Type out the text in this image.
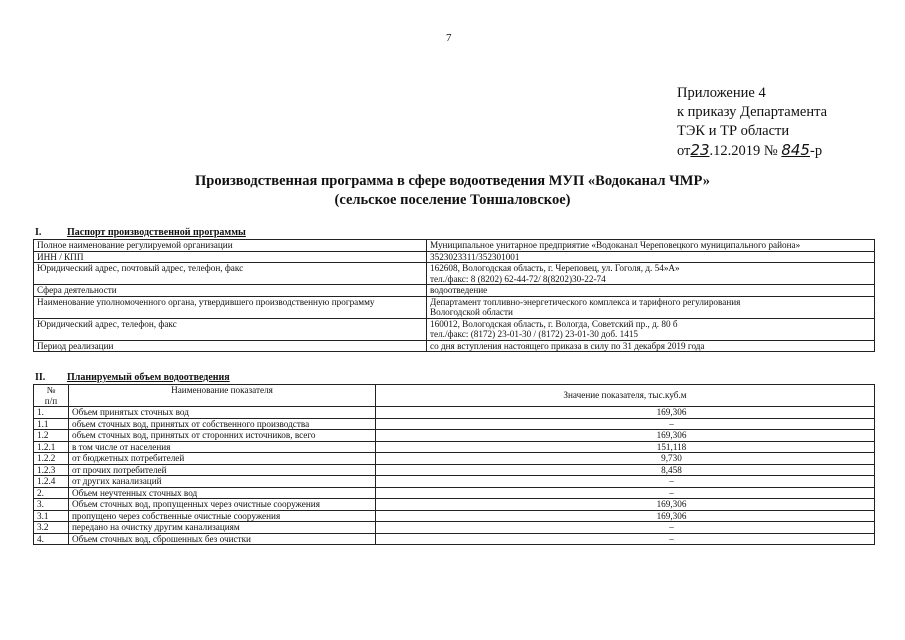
7
Приложение 4
к приказу Департамента
ТЭК и ТР области
от23.12.2019 № 845-р
Производственная программа в сфере водоотведения МУП «Водоканал ЧМР»
(сельское поселение Тоншаловское)
I.	Паспорт производственной программы
Полное наименование регулируемой организации	Муниципальное унитарное предприятие «Водоканал Череповецкого муниципального района»

ИНН / КПП	3523023311/352301001

Юридический адрес, почтовый адрес, телефон, факс	162608, Вологодская область, г. Череповец, ул. Гоголя, д. 54»А»
тел./факс: 8 (8202) 62-44-72/ 8(8202)30-22-74

Сфера деятельности	водоотведение

Наименование уполномоченного органа, утвердившего производственную программу	Департамент топливно-энергетического комплекса и тарифного регулирования
Вологодской области

Юридический адрес, телефон, факс	160012, Вологодская область, г. Вологда, Советский пр., д. 80 б
тел./факс: (8172) 23-01-30 / (8172) 23-01-30 доб. 1415

Период реализации	со дня вступления настоящего приказа в силу по 31 декабря 2019 года
II. Планируемый объем водоотведения
№
п/п	Наименование показателя	Значение показателя, тыс.куб.м
1.	Объем принятых сточных вод	169,306
1.1	объем сточных вод, принятых от собственного производства	–
1.2	объем сточных вод, принятых от сторонних источников, всего	169,306
1.2.1	в том числе от населения	151,118
1.2.2	от бюджетных потребителей	9,730
1.2.3	от прочих потребителей	8,458
1.2.4	от других канализаций	–
2.	Объем неучтенных сточных вод	–
3.	Объем сточных вод, пропущенных через очистные сооружения	169,306
3.1	пропущено через собственные очистные сооружения	169,306
3.2	передано на очистку другим канализациям	–
4.	Объем сточных вод, сброшенных без очистки	–
